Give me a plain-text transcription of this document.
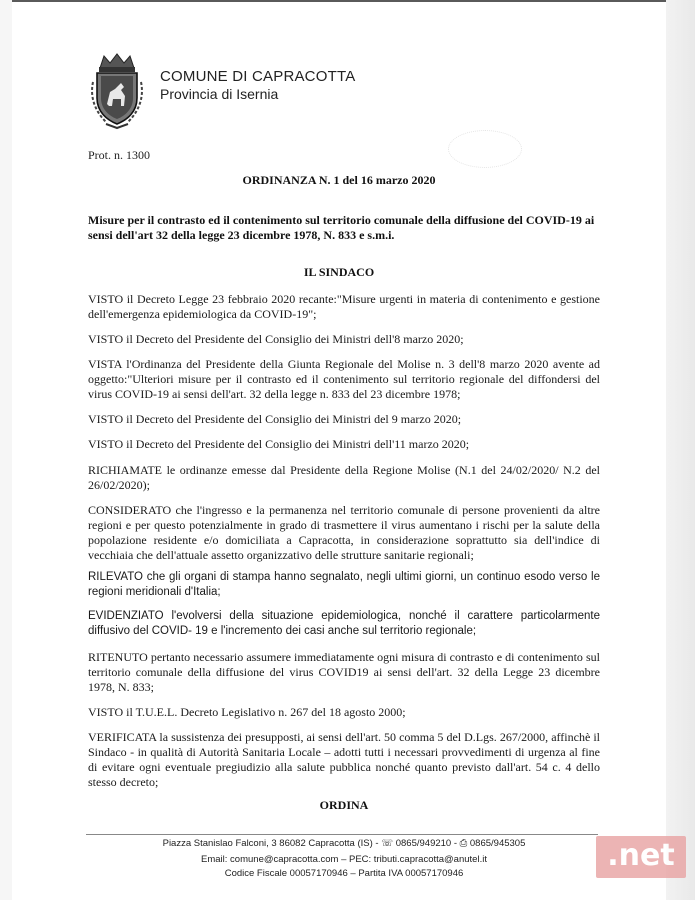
COMUNE DI CAPRACOTTA
Provincia di Isernia
Prot. n. 1300
ORDINANZA N. 1 del 16 marzo 2020
Misure per il contrasto ed il contenimento sul territorio comunale della diffusione del COVID-19 ai sensi dell'art 32 della legge 23 dicembre 1978, N. 833 e s.m.i.
IL SINDACO

VISTO il Decreto Legge 23 febbraio 2020 recante:"Misure urgenti in materia di contenimento e gestione dell'emergenza epidemiologica da COVID-19";

VISTO il Decreto del Presidente del Consiglio dei Ministri dell'8 marzo 2020;

VISTA l'Ordinanza del Presidente della Giunta Regionale del Molise n. 3 dell'8 marzo 2020 avente ad oggetto:"Ulteriori misure per il contrasto ed il contenimento sul territorio regionale del diffondersi del virus COVID-19 ai sensi dell'art. 32 della legge n. 833 del 23 dicembre 1978;

VISTO il Decreto del Presidente del Consiglio dei Ministri del 9 marzo 2020;

VISTO il Decreto del Presidente del Consiglio dei Ministri dell'11 marzo 2020;

RICHIAMATE le ordinanze emesse dal Presidente della Regione Molise (N.1 del 24/02/2020/ N.2 del 26/02/2020);

CONSIDERATO che l'ingresso e la permanenza nel territorio comunale di persone provenienti da altre regioni e per questo potenzialmente in grado di trasmettere il virus aumentano i rischi per la salute della popolazione residente e/o domiciliata a Capracotta, in considerazione soprattutto sia dell'indice di vecchiaia che dell'attuale assetto organizzativo delle strutture sanitarie regionali;

RILEVATO che gli organi di stampa hanno segnalato, negli ultimi giorni, un continuo esodo verso le regioni meridionali d'Italia;

EVIDENZIATO l'evolversi della situazione epidemiologica, nonché il carattere particolarmente diffusivo del COVID- 19 e l'incremento dei casi anche sul territorio regionale;

RITENUTO pertanto necessario assumere immediatamente ogni misura di contrasto e di contenimento sul territorio comunale della diffusione del virus COVID19 ai sensi dell'art. 32 della Legge 23 dicembre 1978, N. 833;

VISTO il T.U.E.L. Decreto Legislativo n. 267 del 18 agosto 2000;

VERIFICATA la sussistenza dei presupposti, ai sensi dell'art. 50 comma 5 del D.Lgs. 267/2000, affinchè il Sindaco - in qualità di Autorità Sanitaria Locale – adotti tutti i necessari provvedimenti di urgenza al fine di evitare ogni eventuale pregiudizio alla salute pubblica nonché quanto previsto dall'art. 54 c. 4 dello stesso decreto;

ORDINA
Piazza Stanislao Falconi, 3 86082 Capracotta (IS) - ☏ 0865/949210 - ⎙ 0865/945305
Email: comune@capracotta.com – PEC: tributi.capracotta@anutel.it
Codice Fiscale 00057170946 – Partita IVA 00057170946
.net
